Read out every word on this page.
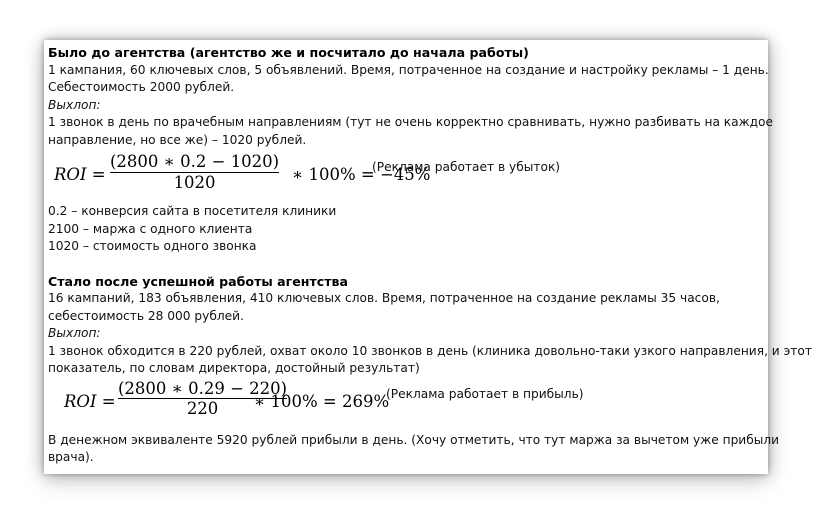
Было до агентства (агентство же и посчитало до начала работы)
1 кампания, 60 ключевых слов, 5 объявлений. Время, потраченное на создание и настройку рекламы – 1 день.
Себестоимость 2000 рублей.
Выхлоп:
1 звонок в день по врачебным направлениям (тут не очень корректно сравнивать, нужно разбивать на каждое
направление, но все же) – 1020 рублей.
ROI =
(2800 ∗ 0.2 − 1020)
1020	∗ 100% = −45%
(Реклама работает в убыток)
0.2 – конверсия сайта в посетителя клиники
2100 – маржа с одного клиента
1020 – стоимость одного звонка
Стало после успешной работы агентства
16 кампаний, 183 объявления, 410 ключевых слов. Время, потраченное на создание рекламы 35 часов,
себестоимость 28 000 рублей.
Выхлоп:
1 звонок обходится в 220 рублей, охват около 10 звонков в день (клиника довольно-таки узкого направления, и этот
показатель, по словам директора, достойный результат)
ROI =
(2800 ∗ 0.29 − 220)
220	∗ 100% = 269%
(Реклама работает в прибыль)
В денежном эквиваленте 5920 рублей прибыли в день. (Хочу отметить, что тут маржа за вычетом уже прибыли
врача).
